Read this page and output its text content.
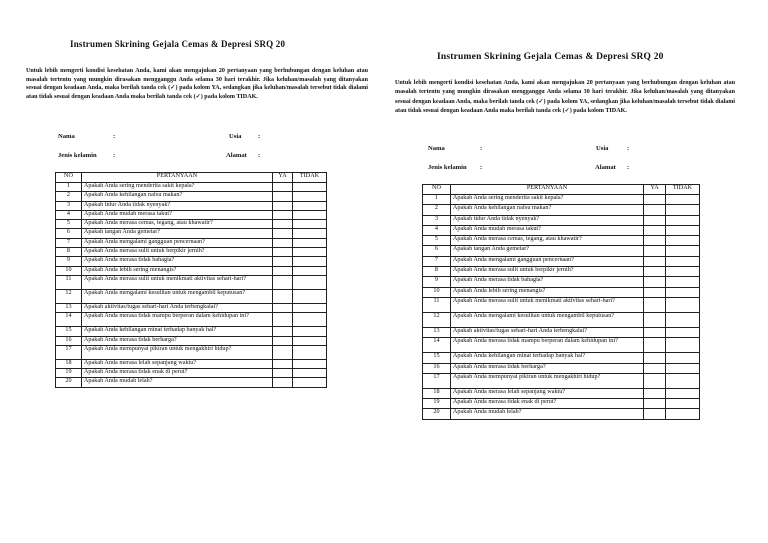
Instrumen Skrining Gejala Cemas & Depresi SRQ 20
Untuk lebih mengerti kondisi kesehatan Anda, kami akan mengajukan 20 pertanyaan yang berhubungan dengan keluhan atau masalah tertentu yang mungkin dirasakan mengganggu Anda selama 30 hari terakhir. Jika keluhan/masalah yang ditanyakan sesuai dengan keadaan Anda, maka berilah tanda cek (✓) pada kolom YA, sedangkan jika keluhan/masalah tersebut tidak dialami atau tidak sesuai dengan keadaan Anda maka berilah tanda cek (✓) pada kolom TIDAK.
Nama	:	Usia	:
Jenis kelamin :	Alamat :
NO	PERTANYAAN	YA	TIDAK
1	Apakah Anda sering menderita sakit kepala?		
2	Apakah Anda kehilangan nafsu makan?		
3	Apakah tidur Anda tidak nyenyak?		
4	Apakah Anda mudah merasa takut?		
5	Apakah Anda merasa cemas, tegang, atau khawatir?		
6	Apakah tangan Anda gemetar?		
7	Apakah Anda mengalami gangguan pencernaan?		
8	Apakah Anda merasa sulit untuk berpikir jernih?		
9	Apakah Anda merasa tidak bahagia?		
10	Apakah Anda lebih sering menangis?		
11	Apakah Anda merasa sulit untuk menikmati aktivitas sehari-hari?		
12	Apakah Anda mengalami kesulitan untuk mengambil keputusan?		
13	Apakah aktivitas/tugas sehari-hari Anda terbengkalai?		
14	Apakah Anda merasa tidak mampu berperan dalam kehidupan ini?		
15	Apakah Anda kehilangan minat terhadap banyak hal?		
16	Apakah Anda merasa tidak berharga?		
17	Apakah Anda mempunyai pikiran untuk mengakhiri hidup?		
18	Apakah Anda merasa lelah sepanjang waktu?		
19	Apakah Anda merasa tidak enak di perut?		
20	Apakah Anda mudah lelah?		
Instrumen Skrining Gejala Cemas & Depresi SRQ 20
Untuk lebih mengerti kondisi kesehatan Anda, kami akan mengajukan 20 pertanyaan yang berhubungan dengan keluhan atau masalah tertentu yang mungkin dirasakan mengganggu Anda selama 30 hari terakhir. Jika keluhan/masalah yang ditanyakan sesuai dengan keadaan Anda, maka berilah tanda cek (✓) pada kolom YA, sedangkan jika keluhan/masalah tersebut tidak dialami atau tidak sesuai dengan keadaan Anda maka berilah tanda cek (✓) pada kolom TIDAK.
Nama	:	Usia	:
Jenis kelamin :	Alamat :
NO	PERTANYAAN	YA	TIDAK
1	Apakah Anda sering menderita sakit kepala?		
2	Apakah Anda kehilangan nafsu makan?		
3	Apakah tidur Anda tidak nyenyak?		
4	Apakah Anda mudah merasa takut?		
5	Apakah Anda merasa cemas, tegang, atau khawatir?		
6	Apakah tangan Anda gemetar?		
7	Apakah Anda mengalami gangguan pencernaan?		
8	Apakah Anda merasa sulit untuk berpikir jernih?		
9	Apakah Anda merasa tidak bahagia?		
10	Apakah Anda lebih sering menangis?		
11	Apakah Anda merasa sulit untuk menikmati aktivitas sehari-hari?		
12	Apakah Anda mengalami kesulitan untuk mengambil keputusan?		
13	Apakah aktivitas/tugas sehari-hari Anda terbengkalai?		
14	Apakah Anda merasa tidak mampu berperan dalam kehidupan ini?		
15	Apakah Anda kehilangan minat terhadap banyak hal?		
16	Apakah Anda merasa tidak berharga?		
17	Apakah Anda mempunyai pikiran untuk mengakhiri hidup?		
18	Apakah Anda merasa lelah sepanjang waktu?		
19	Apakah Anda merasa tidak enak di perut?		
20	Apakah Anda mudah lelah?		
